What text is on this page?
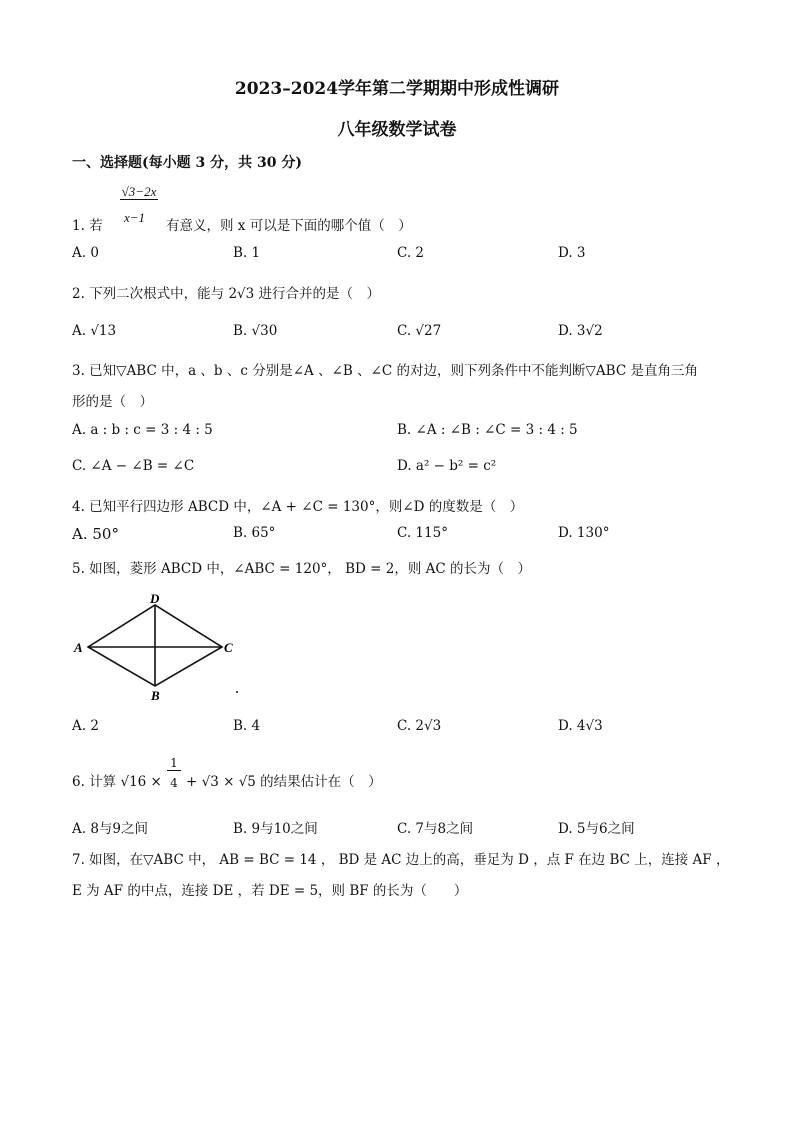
2023–2024学年第二学期期中形成性调研
八年级数学试卷
一、选择题(每小题 3 分，共 30 分)
√3−2x
x−1
1. 若	有意义，则 x 可以是下面的哪个值（　）
A. 0	B. 1	C. 2	D. 3
2. 下列二次根式中，能与 2√3 进行合并的是（　）
A. √13	B. √30	C. √27	D. 3√2
3. 已知▽ABC 中，a 、b 、c 分别是∠A 、∠B 、∠C 的对边，则下列条件中不能判断▽ABC 是直角三角
形的是（　）
A. a : b : c = 3 : 4 : 5	B. ∠A : ∠B : ∠C = 3 : 4 : 5
C. ∠A − ∠B = ∠C	D. a² − b² = c²
4. 已知平行四边形 ABCD 中，∠A + ∠C = 130°，则∠D 的度数是（　）
A. 50°	B. 65°	C. 115°	D. 130°
5. 如图，菱形 ABCD 中，∠ABC = 120°， BD = 2，则 AC 的长为（　）
A
D
C
B
A. 2	B. 4	C. 2√3	D. 4√3
6. 计算 √16 ×
1
4 + √3 × √5 的结果估计在（　）
A. 8与9之间	B. 9与10之间	C. 7与8之间	D. 5与6之间
7. 如图，在▽ABC 中， AB = BC = 14 ， BD 是 AC 边上的高，垂足为 D ，点 F 在边 BC 上，连接 AF ，
E 为 AF 的中点，连接 DE ，若 DE = 5，则 BF 的长为（　　）
